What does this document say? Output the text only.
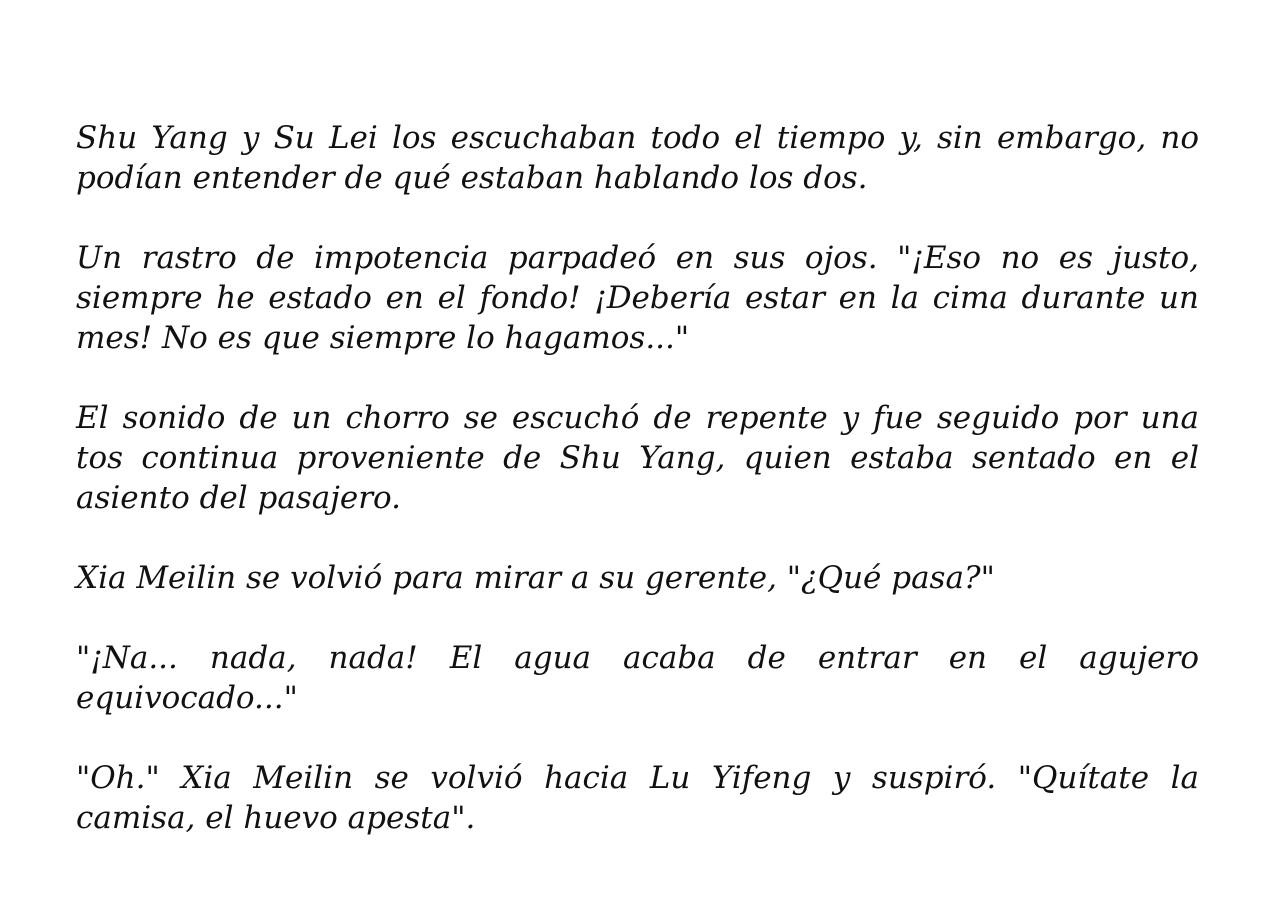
Shu Yang y Su Lei los escuchaban todo el tiempo y, sin embargo, no podían entender de qué estaban hablando los dos.

Un rastro de impotencia parpadeó en sus ojos. "¡Eso no es justo, siempre he estado en el fondo! ¡Debería estar en la cima durante un mes! No es que siempre lo hagamos..."

El sonido de un chorro se escuchó de repente y fue seguido por una tos continua proveniente de Shu Yang, quien estaba sentado en el asiento del pasajero.

Xia Meilin se volvió para mirar a su gerente, "¿Qué pasa?"

"¡Na... nada, nada! El agua acaba de entrar en el agujero equivocado..."

"Oh." Xia Meilin se volvió hacia Lu Yifeng y suspiró. "Quítate la camisa, el huevo apesta".
